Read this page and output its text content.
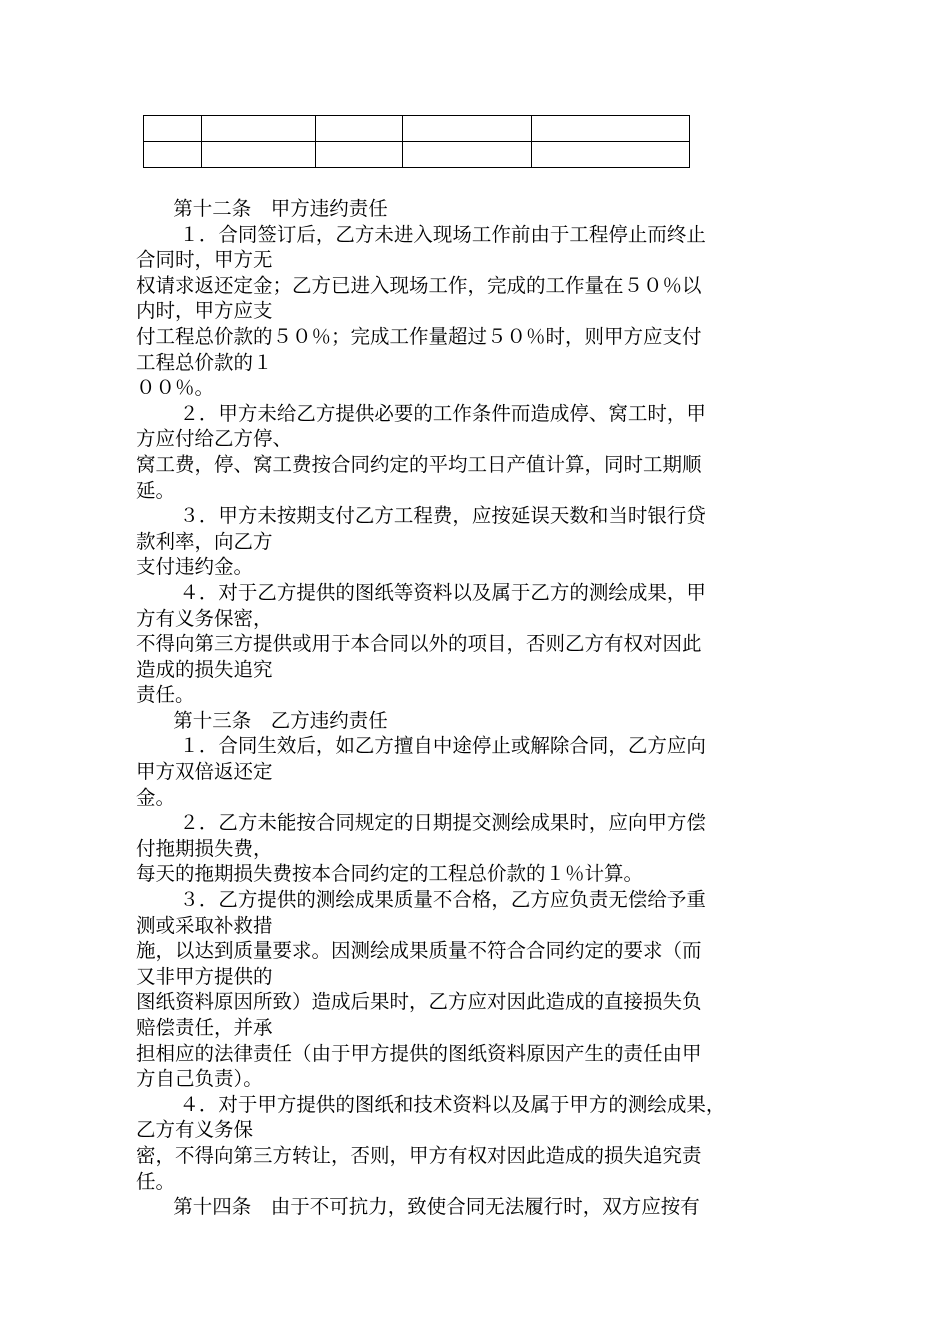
第十二条　甲方违约责任
１．合同签订后，乙方未进入现场工作前由于工程停止而终止
合同时，甲方无
权请求返还定金；乙方已进入现场工作，完成的工作量在５０％以
内时，甲方应支
付工程总价款的５０％；完成工作量超过５０％时，则甲方应支付
工程总价款的１
００％。
２．甲方未给乙方提供必要的工作条件而造成停、窝工时，甲
方应付给乙方停、
窝工费，停、窝工费按合同约定的平均工日产值计算，同时工期顺
延。
３．甲方未按期支付乙方工程费，应按延误天数和当时银行贷
款利率，向乙方
支付违约金。
４．对于乙方提供的图纸等资料以及属于乙方的测绘成果，甲
方有义务保密，
不得向第三方提供或用于本合同以外的项目，否则乙方有权对因此
造成的损失追究
责任。
第十三条　乙方违约责任
１．合同生效后，如乙方擅自中途停止或解除合同，乙方应向
甲方双倍返还定
金。
２．乙方未能按合同规定的日期提交测绘成果时，应向甲方偿
付拖期损失费，
每天的拖期损失费按本合同约定的工程总价款的１％计算。
３．乙方提供的测绘成果质量不合格，乙方应负责无偿给予重
测或采取补救措
施，以达到质量要求。因测绘成果质量不符合合同约定的要求（而
又非甲方提供的
图纸资料原因所致）造成后果时，乙方应对因此造成的直接损失负
赔偿责任，并承
担相应的法律责任（由于甲方提供的图纸资料原因产生的责任由甲
方自己负责）。
４．对于甲方提供的图纸和技术资料以及属于甲方的测绘成果，
乙方有义务保
密，不得向第三方转让，否则，甲方有权对因此造成的损失追究责
任。
第十四条　由于不可抗力，致使合同无法履行时，双方应按有
